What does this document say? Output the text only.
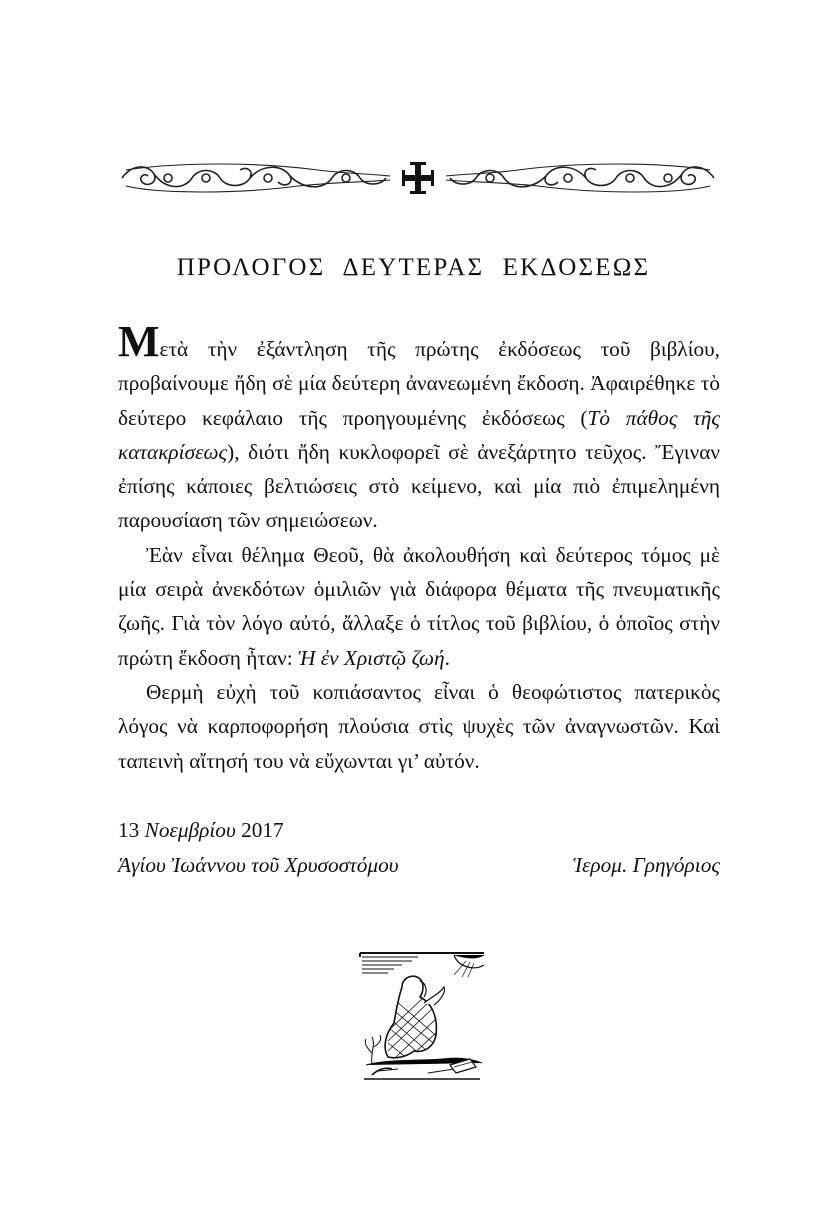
ΠΡΟΛΟΓΟΣ ΔΕΥΤΕΡΑΣ ΕΚΔΟΣΕΩΣ

Μετὰ τὴν ἐξάντληση τῆς πρώτης ἐκδόσεως τοῦ βιβλίου, προβαίνουμε ἤδη σὲ μία δεύτερη ἀνανεωμένη ἔκδοση. Ἀφαιρέθηκε τὸ δεύτερο κεφάλαιο τῆς προηγουμένης ἐκδόσεως (Τὸ πάθος τῆς κατακρίσεως), διότι ἤδη κυκλοφορεῖ σὲ ἀνεξάρτητο τεῦχος. Ἔγιναν ἐπίσης κάποιες βελτιώσεις στὸ κείμενο, καὶ μία πιὸ ἐπιμελημένη παρουσίαση τῶν σημειώσεων.

Ἐὰν εἶναι θέλημα Θεοῦ, θὰ ἀκολουθήση καὶ δεύτερος τόμος μὲ μία σειρὰ ἀνεκδότων ὁμιλιῶν γιὰ διάφορα θέματα τῆς πνευματικῆς ζωῆς. Γιὰ τὸν λόγο αὐτό, ἄλλαξε ὁ τίτλος τοῦ βιβλίου, ὁ ὁποῖος στὴν πρώτη ἔκδοση ἦταν: Ἡ ἐν Χριστῷ ζωή.

Θερμὴ εὐχὴ τοῦ κοπιάσαντος εἶναι ὁ θεοφώτιστος πατερικὸς λόγος νὰ καρποφορήση πλούσια στὶς ψυχὲς τῶν ἀναγνωστῶν. Καὶ ταπεινὴ αἴτησή του νὰ εὔχωνται γι’ αὐτόν.

13 Νοεμβρίου 2017
Ἁγίου Ἰωάννου τοῦ Χρυσοστόμου	Ἱερομ. Γρηγόριος
